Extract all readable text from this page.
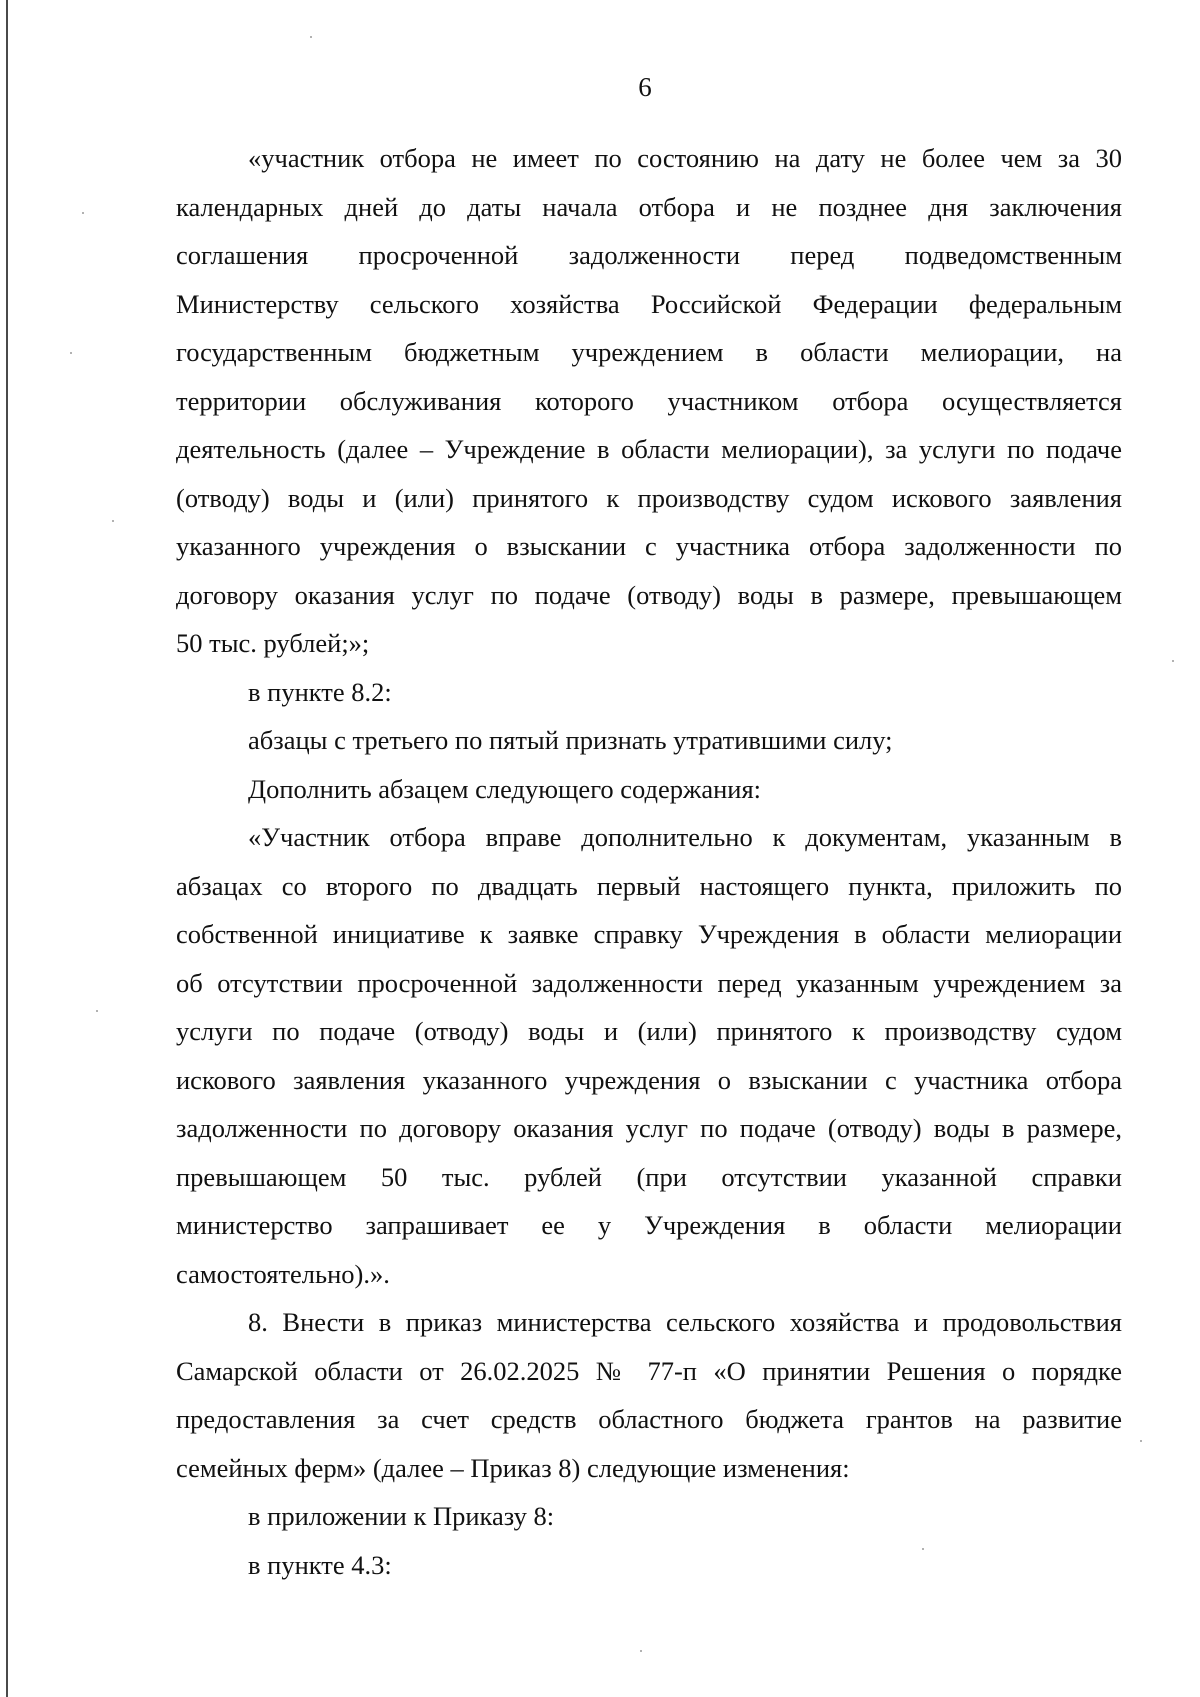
6
«участник отбора не имеет по состоянию на дату не более чем за 30
календарных дней до даты начала отбора и не позднее дня заключения
соглашения просроченной задолженности перед подведомственным
Министерству сельского хозяйства Российской Федерации федеральным
государственным бюджетным учреждением в области мелиорации, на
территории обслуживания которого участником отбора осуществляется
деятельность (далее – Учреждение в области мелиорации), за услуги по подаче
(отводу) воды и (или) принятого к производству судом искового заявления
указанного учреждения о взыскании с участника отбора задолженности по
договору оказания услуг по подаче (отводу) воды в размере, превышающем
50 тыс. рублей;»;
в пункте 8.2:
абзацы с третьего по пятый признать утратившими силу;
Дополнить абзацем следующего содержания:
«Участник отбора вправе дополнительно к документам, указанным в
абзацах со второго по двадцать первый настоящего пункта, приложить по
собственной инициативе к заявке справку Учреждения в области мелиорации
об отсутствии просроченной задолженности перед указанным учреждением за
услуги по подаче (отводу) воды и (или) принятого к производству судом
искового заявления указанного учреждения о взыскании с участника отбора
задолженности по договору оказания услуг по подаче (отводу) воды в размере,
превышающем 50 тыс. рублей (при отсутствии указанной справки
министерство запрашивает ее у Учреждения в области мелиорации
самостоятельно).».
8. Внести в приказ министерства сельского хозяйства и продовольствия
Самарской области от 26.02.2025 № 77-п «О принятии Решения о порядке
предоставления за счет средств областного бюджета грантов на развитие
семейных ферм» (далее – Приказ 8) следующие изменения:
в приложении к Приказу 8:
в пункте 4.3:
